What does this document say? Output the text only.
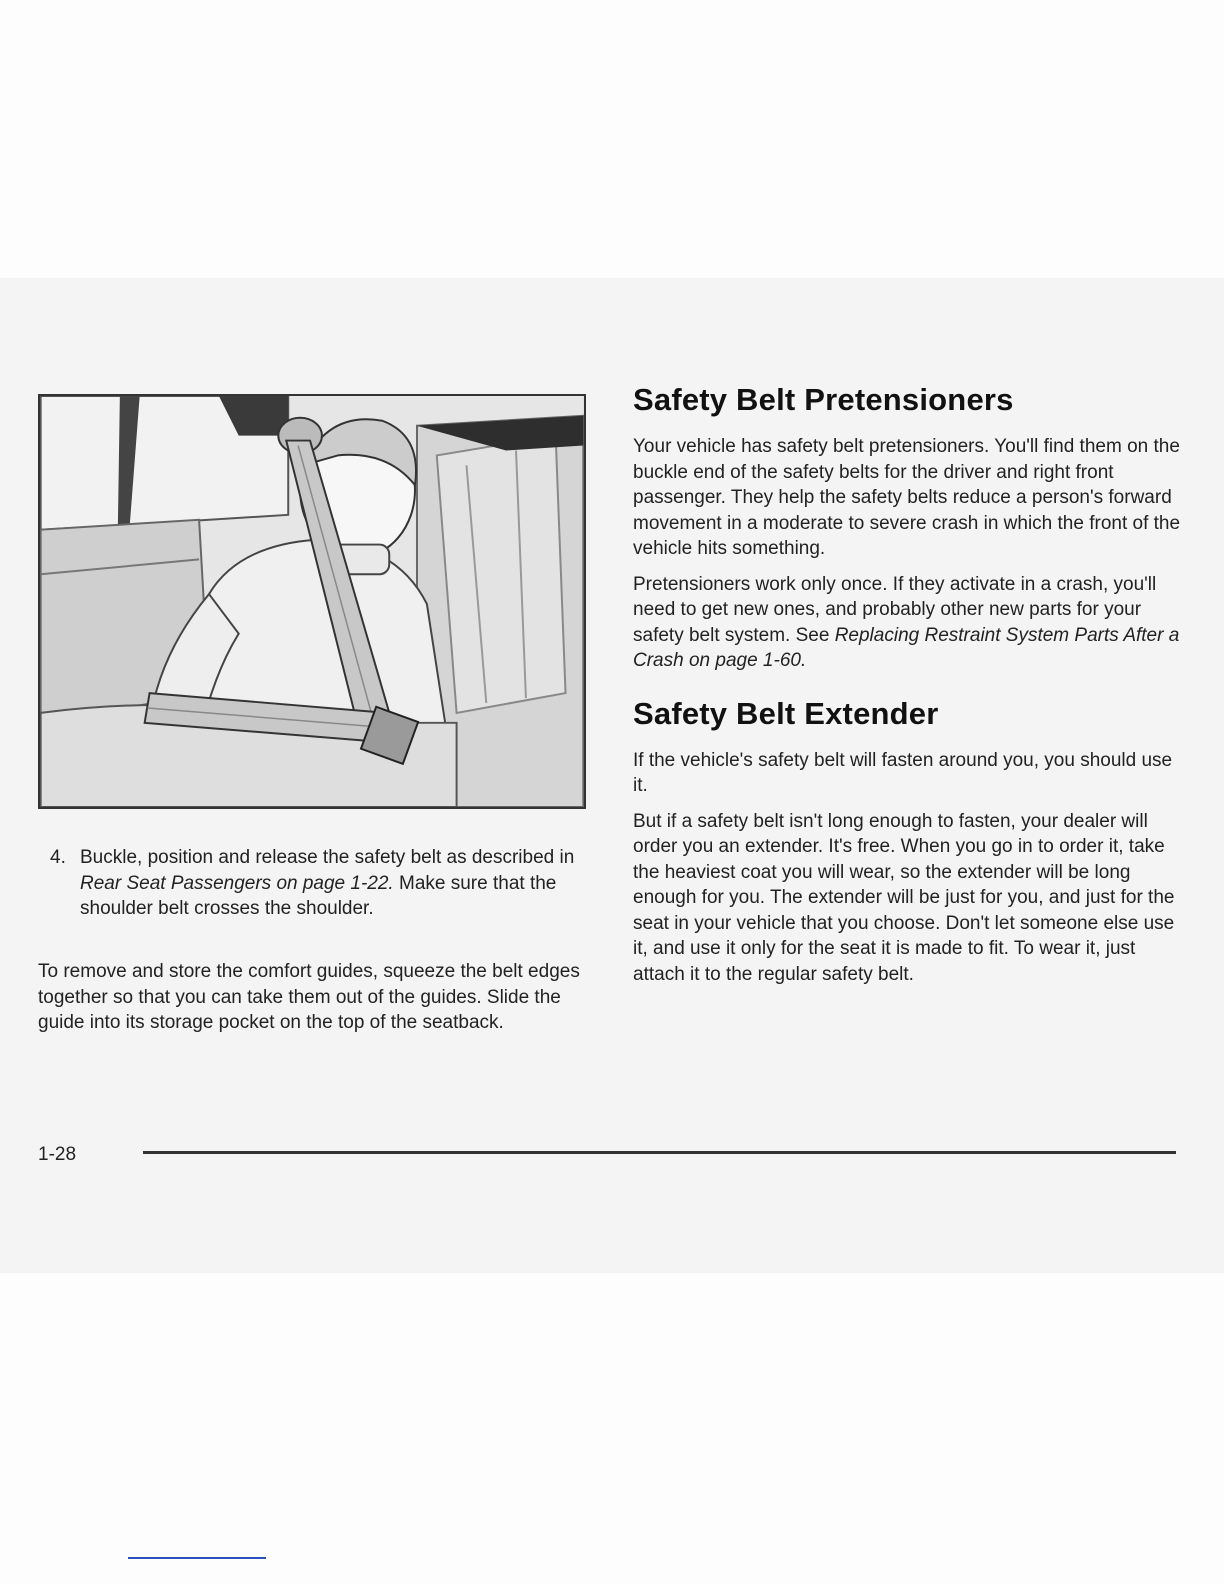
4. Buckle, position and release the safety belt as described in Rear Seat Passengers on page 1-22. Make sure that the shoulder belt crosses the shoulder.

To remove and store the comfort guides, squeeze the belt edges together so that you can take them out of the guides. Slide the guide into its storage pocket on the top of the seatback.

Safety Belt Pretensioners

Your vehicle has safety belt pretensioners. You'll find them on the buckle end of the safety belts for the driver and right front passenger. They help the safety belts reduce a person's forward movement in a moderate to severe crash in which the front of the vehicle hits something.

Pretensioners work only once. If they activate in a crash, you'll need to get new ones, and probably other new parts for your safety belt system. See Replacing Restraint System Parts After a Crash on page 1-60.

Safety Belt Extender

If the vehicle's safety belt will fasten around you, you should use it.

But if a safety belt isn't long enough to fasten, your dealer will order you an extender. It's free. When you go in to order it, take the heaviest coat you will wear, so the extender will be long enough for you. The extender will be just for you, and just for the seat in your vehicle that you choose. Don't let someone else use it, and use it only for the seat it is made to fit. To wear it, just attach it to the regular safety belt.

1-28
